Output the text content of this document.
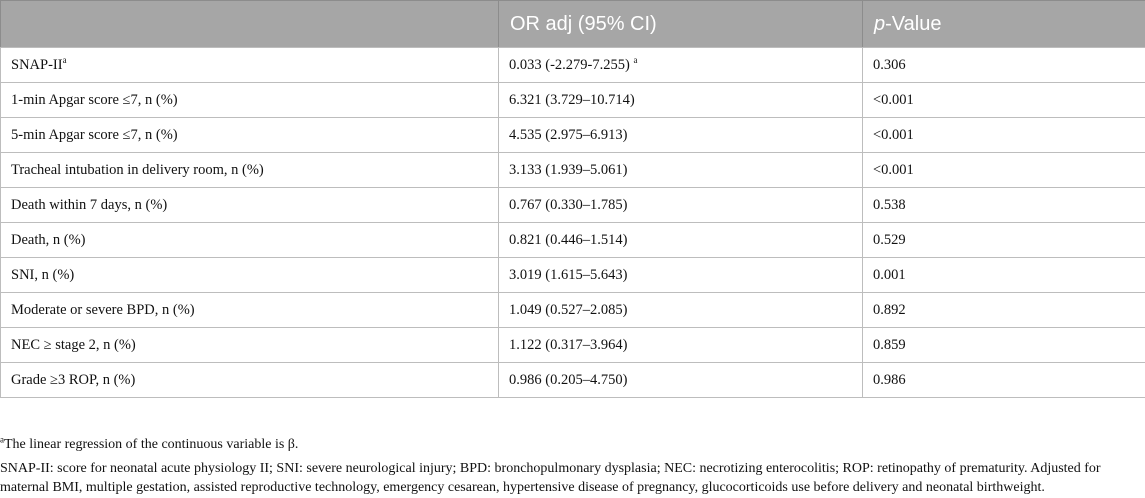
	OR adj (95% CI)	p-Value
SNAP-$II^a$	0.033 (-2.279-7.255) $^a$	0.306
1-min Apgar score ≤7, n (%)	6.321 (3.729–10.714)	<0.001
5-min Apgar score ≤7, n (%)	4.535 (2.975–6.913)	<0.001
Tracheal intubation in delivery room, n (%)	3.133 (1.939–5.061)	<0.001
Death within 7 days, n (%)	0.767 (0.330–1.785)	0.538
Death, n (%)	0.821 (0.446–1.514)	0.529
SNI, n (%)	3.019 (1.615–5.643)	0.001
Moderate or severe BPD, n (%)	1.049 (0.527–2.085)	0.892
NEC ≥ stage 2, n (%)	1.122 (0.317–3.964)	0.859
Grade ≥3 ROP, n (%)	0.986 (0.205–4.750)	0.986

$^a$The linear regression of the continuous variable is β.

SNAP-II: score for neonatal acute physiology II; SNI: severe neurological injury; BPD: bronchopulmonary dysplasia; NEC: necrotizing enterocolitis; ROP: retinopathy of prematurity. Adjusted for maternal BMI, multiple gestation, assisted reproductive technology, emergency cesarean, hypertensive disease of pregnancy, glucocorticoids use before delivery and neonatal birthweight.
